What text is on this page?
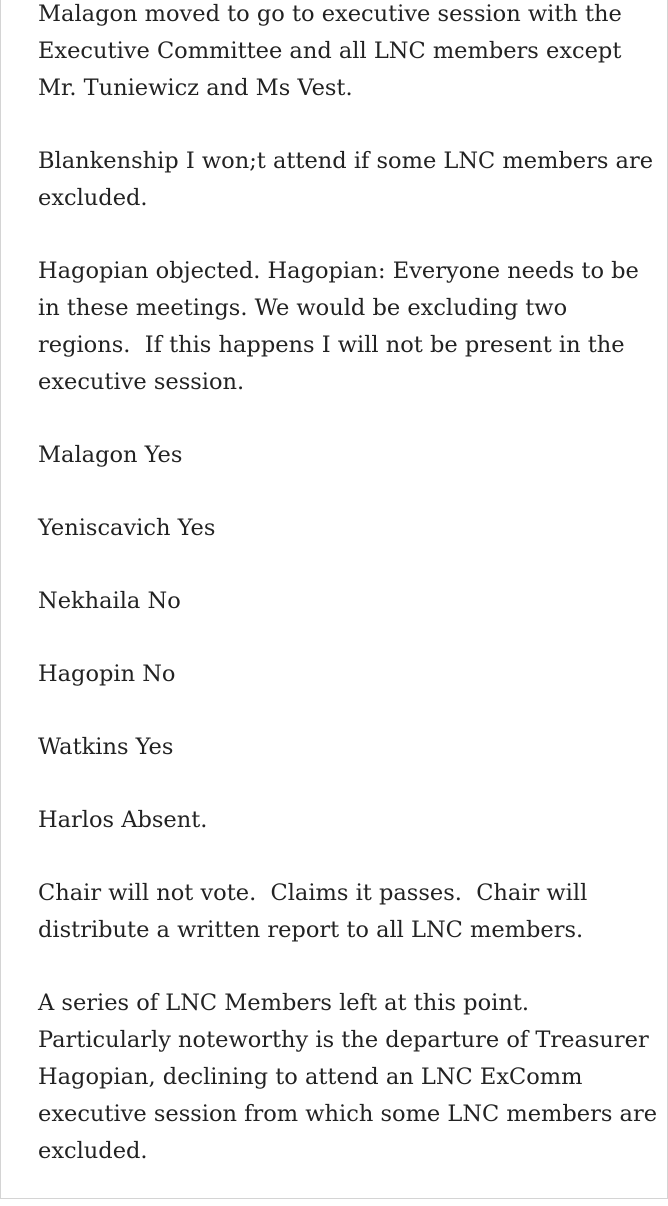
Malagon moved to go to executive session with the
Executive Committee and all LNC members except
Mr. Tuniewicz and Ms Vest.

Blankenship I won;t attend if some LNC members are
excluded.

Hagopian objected. Hagopian: Everyone needs to be
in these meetings. We would be excluding two
regions.  If this happens I will not be present in the
executive session.

Malagon Yes

Yeniscavich Yes

Nekhaila No

Hagopin No

Watkins Yes

Harlos Absent.

Chair will not vote.  Claims it passes.  Chair will
distribute a written report to all LNC members.

A series of LNC Members left at this point.
Particularly noteworthy is the departure of Treasurer
Hagopian, declining to attend an LNC ExComm
executive session from which some LNC members are
excluded.
